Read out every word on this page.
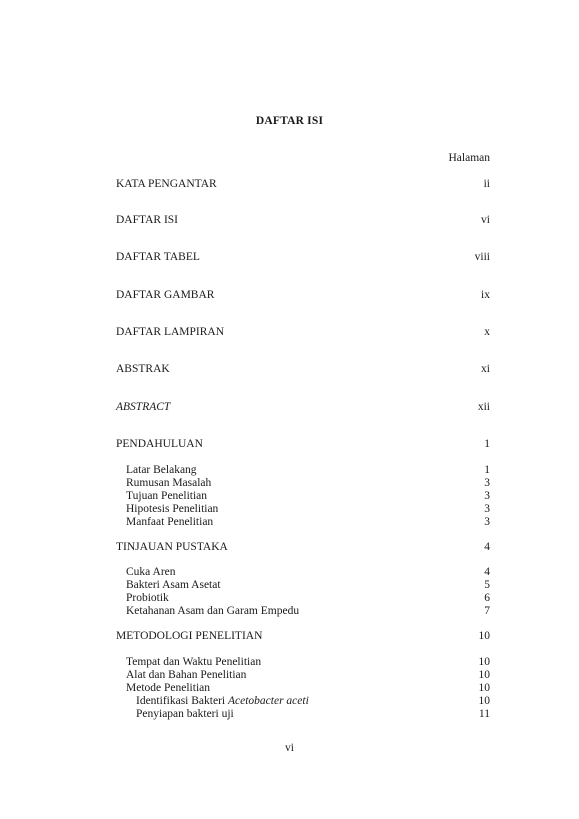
DAFTAR ISI
Halaman
KATA PENGANTAR	ii
DAFTAR ISI	vi
DAFTAR TABEL	viii
DAFTAR GAMBAR	ix
DAFTAR LAMPIRAN	x
ABSTRAK	xi
ABSTRACT	xii
PENDAHULUAN	1
Latar Belakang	1
Rumusan Masalah	3
Tujuan Penelitian	3
Hipotesis Penelitian	3
Manfaat Penelitian	3
TINJAUAN PUSTAKA	4
Cuka Aren	4
Bakteri Asam Asetat	5
Probiotik	6
Ketahanan Asam dan Garam Empedu	7
METODOLOGI PENELITIAN	10
Tempat dan Waktu Penelitian	10
Alat dan Bahan Penelitian	10
Metode Penelitian	10
Identifikasi Bakteri Acetobacter aceti	10
Penyiapan bakteri uji	11
vi
